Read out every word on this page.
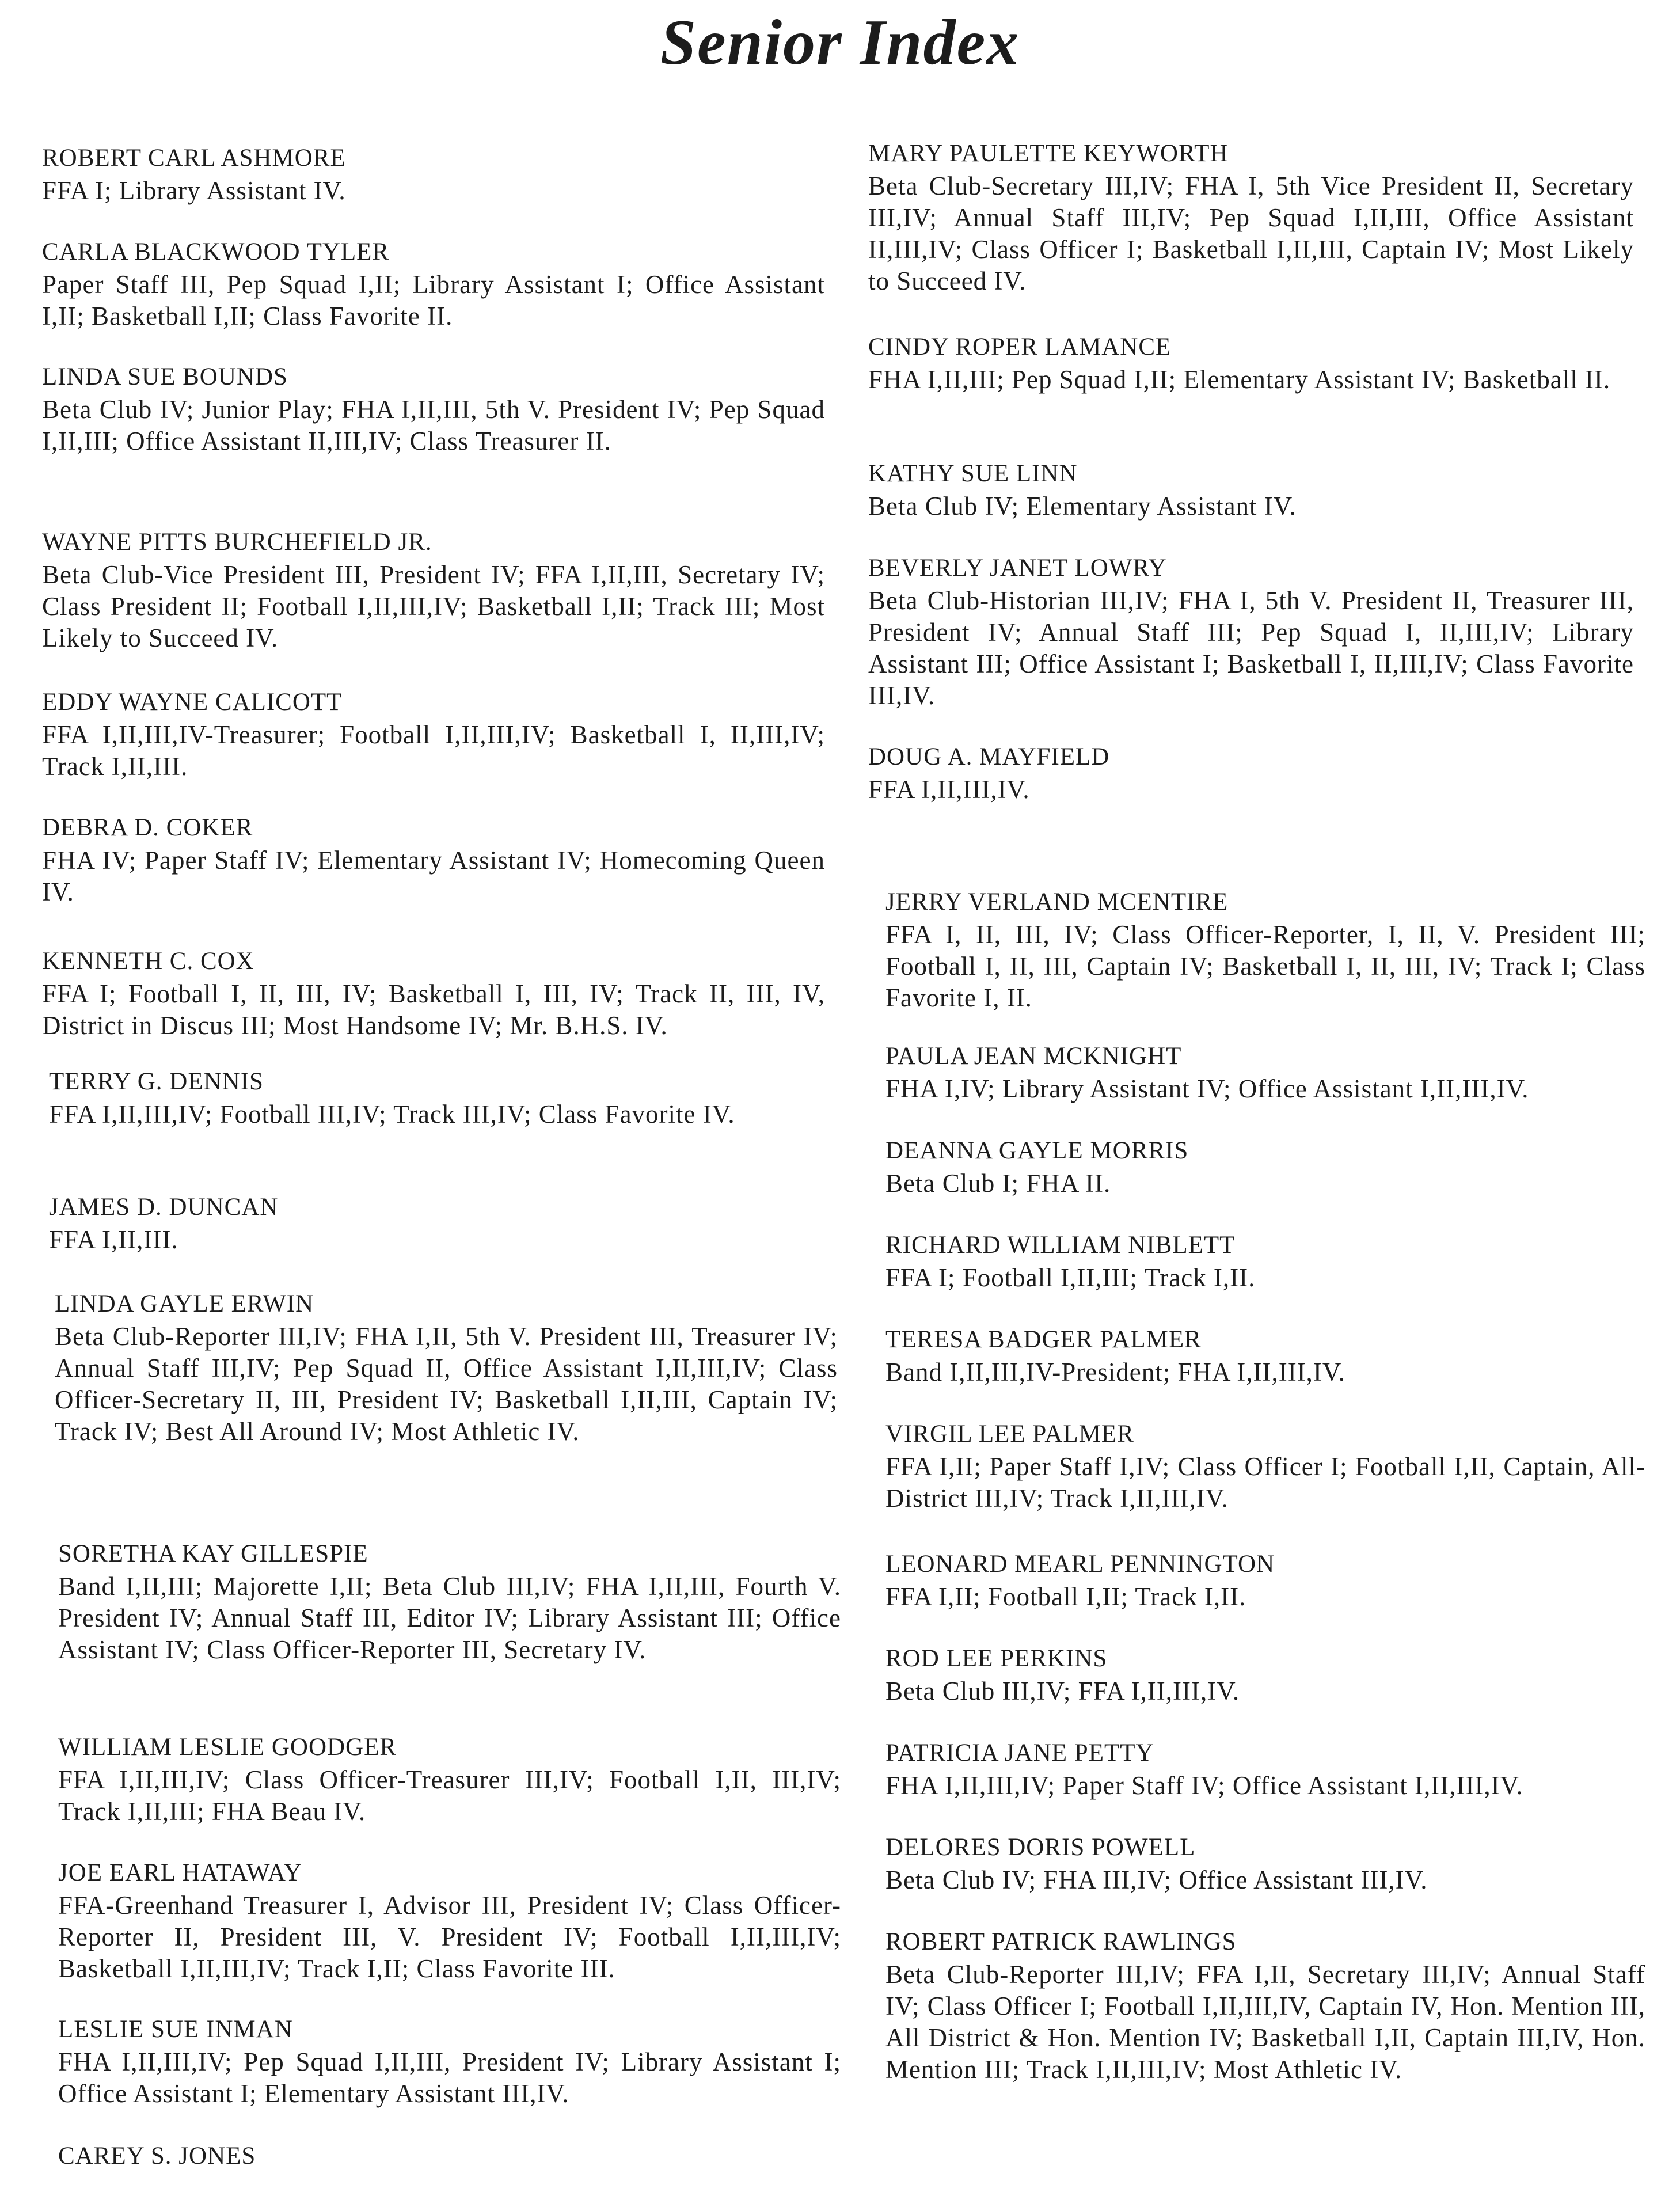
Senior Index
ROBERT CARL ASHMORE
FFA I; Library Assistant IV.
CARLA BLACKWOOD TYLER
Paper Staff III, Pep Squad I,II; Library Assistant I; Office Assistant I,II; Basketball I,II; Class Favorite II.
LINDA SUE BOUNDS
Beta Club IV; Junior Play; FHA I,II,III, 5th V. President IV; Pep Squad I,II,III; Office Assistant II,III,IV; Class Treasurer II.
WAYNE PITTS BURCHEFIELD JR.
Beta Club-Vice President III, President IV; FFA I,II,III, Secretary IV; Class President II; Football I,II,III,IV; Basketball I,II; Track III; Most Likely to Succeed IV.
EDDY WAYNE CALICOTT
FFA I,II,III,IV-Treasurer; Football I,II,III,IV; Basketball I, II,III,IV; Track I,II,III.
DEBRA D. COKER
FHA IV; Paper Staff IV; Elementary Assistant IV; Homecoming Queen IV.
KENNETH C. COX
FFA I; Football I, II, III, IV; Basketball I, III, IV; Track II, III, IV, District in Discus III; Most Handsome IV; Mr. B.H.S. IV.
TERRY G. DENNIS
FFA I,II,III,IV; Football III,IV; Track III,IV; Class Favorite IV.
JAMES D. DUNCAN
FFA I,II,III.
LINDA GAYLE ERWIN
Beta Club-Reporter III,IV; FHA I,II, 5th V. President III, Treasurer IV; Annual Staff III,IV; Pep Squad II, Office Assistant I,II,III,IV; Class Officer-Secretary II, III, President IV; Basketball I,II,III, Captain IV; Track IV; Best All Around IV; Most Athletic IV.
SORETHA KAY GILLESPIE
Band I,II,III; Majorette I,II; Beta Club III,IV; FHA I,II,III, Fourth V. President IV; Annual Staff III, Editor IV; Library Assistant III; Office Assistant IV; Class Officer-Reporter III, Secretary IV.
WILLIAM LESLIE GOODGER
FFA I,II,III,IV; Class Officer-Treasurer III,IV; Football I,II, III,IV; Track I,II,III; FHA Beau IV.
JOE EARL HATAWAY
FFA-Greenhand Treasurer I, Advisor III, President IV; Class Officer-Reporter II, President III, V. President IV; Football I,II,III,IV; Basketball I,II,III,IV; Track I,II; Class Favorite III.
LESLIE SUE INMAN
FHA I,II,III,IV; Pep Squad I,II,III, President IV; Library Assistant I; Office Assistant I; Elementary Assistant III,IV.
CAREY S. JONES
MARY PAULETTE KEYWORTH
Beta Club-Secretary III,IV; FHA I, 5th Vice President II, Secretary III,IV; Annual Staff III,IV; Pep Squad I,II,III, Office Assistant II,III,IV; Class Officer I; Basketball I,II,III, Captain IV; Most Likely to Succeed IV.
CINDY ROPER LAMANCE
FHA I,II,III; Pep Squad I,II; Elementary Assistant IV; Basketball II.
KATHY SUE LINN
Beta Club IV; Elementary Assistant IV.
BEVERLY JANET LOWRY
Beta Club-Historian III,IV; FHA I, 5th V. President II, Treasurer III, President IV; Annual Staff III; Pep Squad I, II,III,IV; Library Assistant III; Office Assistant I; Basketball I, II,III,IV; Class Favorite III,IV.
DOUG A. MAYFIELD
FFA I,II,III,IV.
JERRY VERLAND MCENTIRE
FFA I, II, III, IV; Class Officer-Reporter, I, II, V. President III; Football I, II, III, Captain IV; Basketball I, II, III, IV; Track I; Class Favorite I, II.
PAULA JEAN MCKNIGHT
FHA I,IV; Library Assistant IV; Office Assistant I,II,III,IV.
DEANNA GAYLE MORRIS
Beta Club I; FHA II.
RICHARD WILLIAM NIBLETT
FFA I; Football I,II,III; Track I,II.
TERESA BADGER PALMER
Band I,II,III,IV-President; FHA I,II,III,IV.
VIRGIL LEE PALMER
FFA I,II; Paper Staff I,IV; Class Officer I; Football I,II, Captain, All-District III,IV; Track I,II,III,IV.
LEONARD MEARL PENNINGTON
FFA I,II; Football I,II; Track I,II.
ROD LEE PERKINS
Beta Club III,IV; FFA I,II,III,IV.
PATRICIA JANE PETTY
FHA I,II,III,IV; Paper Staff IV; Office Assistant I,II,III,IV.
DELORES DORIS POWELL
Beta Club IV; FHA III,IV; Office Assistant III,IV.
ROBERT PATRICK RAWLINGS
Beta Club-Reporter III,IV; FFA I,II, Secretary III,IV; Annual Staff IV; Class Officer I; Football I,II,III,IV, Captain IV, Hon. Mention III, All District & Hon. Mention IV; Basketball I,II, Captain III,IV, Hon. Mention III; Track I,II,III,IV; Most Athletic IV.
